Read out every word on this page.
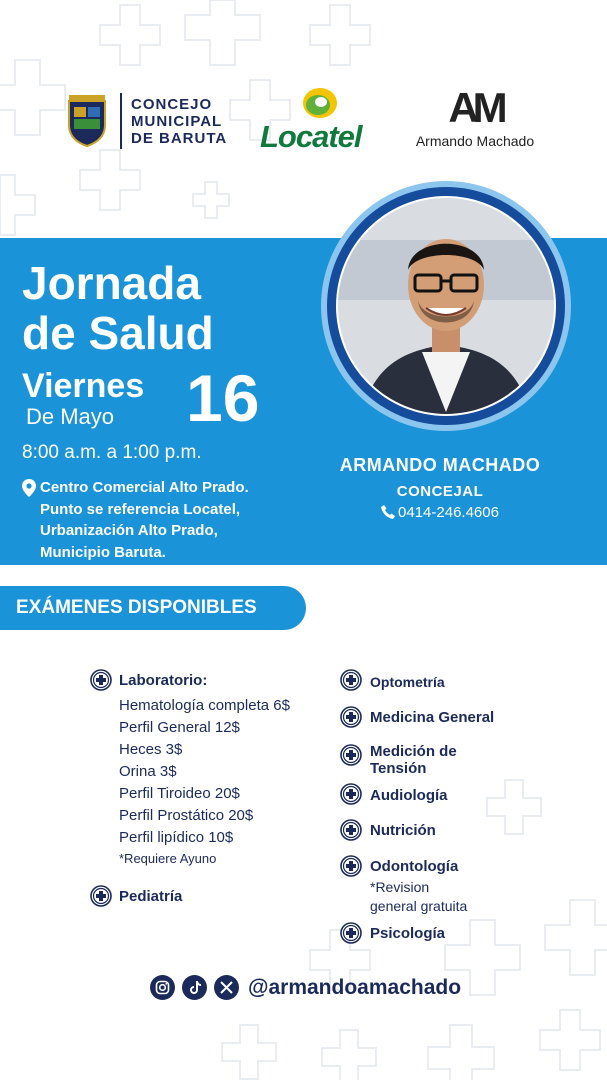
CONCEJO
MUNICIPAL
DE BARUTA Locatel
AM
Armando Machado
Jornada
de Salud
Viernes
De Mayo 16
8:00 a.m. a 1:00 p.m.
Centro Comercial Alto Prado.
Punto se referencia Locatel,
Urbanización Alto Prado,
Municipio Baruta.
ARMANDO MACHADO
CONCEJAL
0414-246.4606
EXÁMENES DISPONIBLES
Laboratorio:
Hematología completa 6$
Perfil General 12$
Heces 3$
Orina 3$
Perfil Tiroideo 20$
Perfil Prostático 20$
Perfil lipídico 10$
*Requiere Ayuno
Pediatría
Optometría
Medicina General
Medición de
Tensión
Audiología
Nutrición
Odontología
*Revision
general gratuita
Psicología
@armandoamachado
